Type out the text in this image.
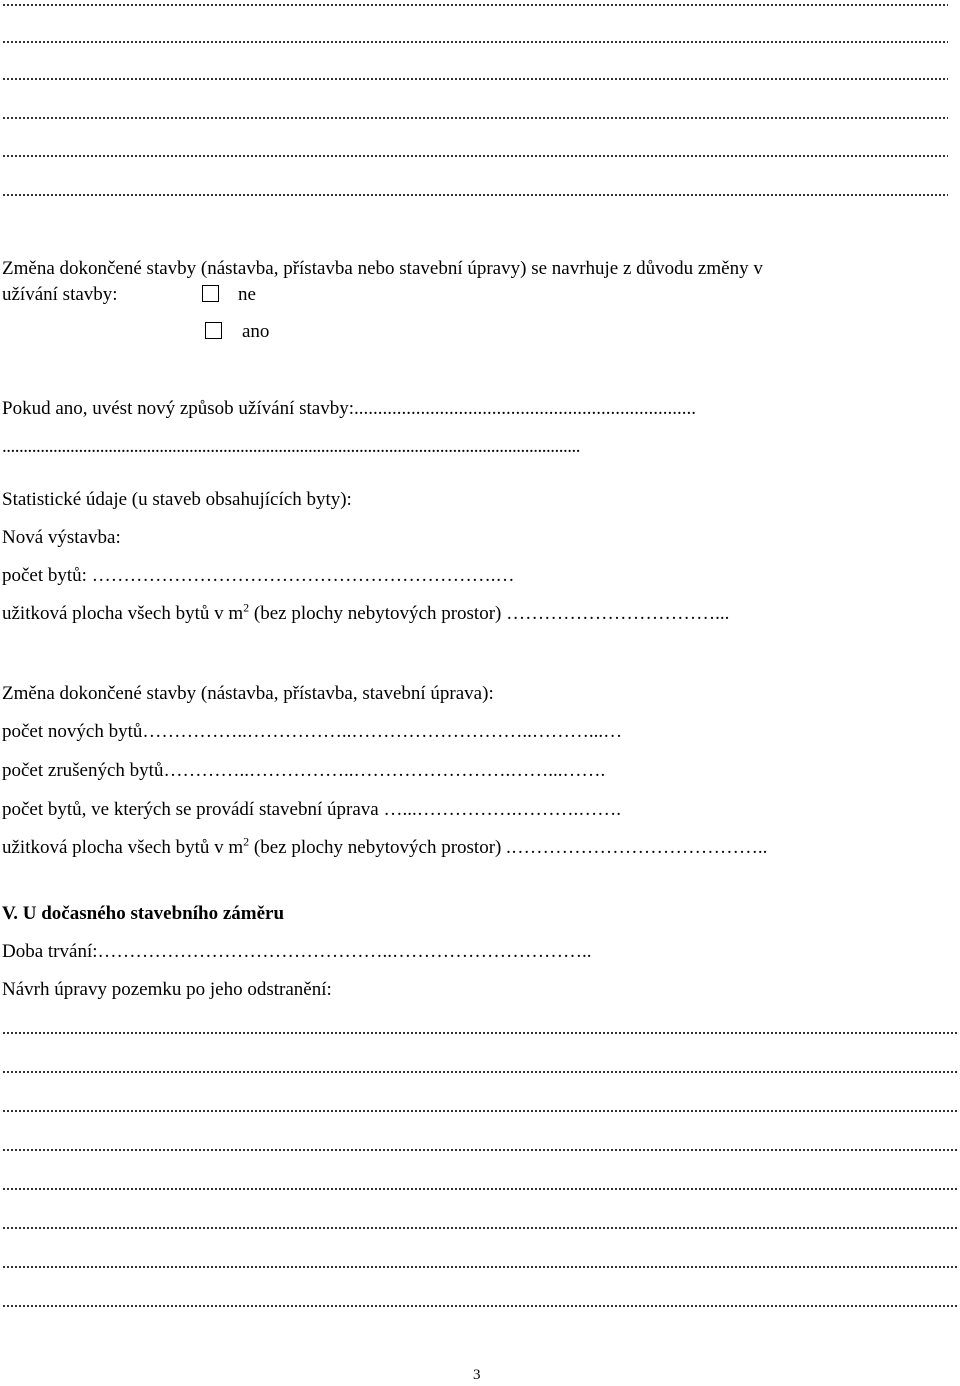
Změna dokončené stavby (nástavba, přístavba nebo stavební úpravy) se navrhuje z důvodu změny v
užívání stavby:	ne
ano
Pokud ano, uvést nový způsob užívání stavby:........................................................................
........................................................................................................................................
Statistické údaje (u staveb obsahujících byty):
Nová výstavba:
počet bytů: ……………………………………………………….…
užitková plocha všech bytů v $m^2$ (bez plochy nebytových prostor) ……………………………...
Změna dokončené stavby (nástavba, přístavba, stavební úprava):
počet nových bytů……………..……………..………………………..………...…
počet zrušených bytů…………..……………..…………………….……...…….
počet bytů, ve kterých se provádí stavební úprava …...…………….……….…….
užitková plocha všech bytů v $m^2$ (bez plochy nebytových prostor) .…………………………………..
V. U dočasného stavebního záměru
Doba trvání:………………………………………..…………………………..
Návrh úpravy pozemku po jeho odstranění:
3
